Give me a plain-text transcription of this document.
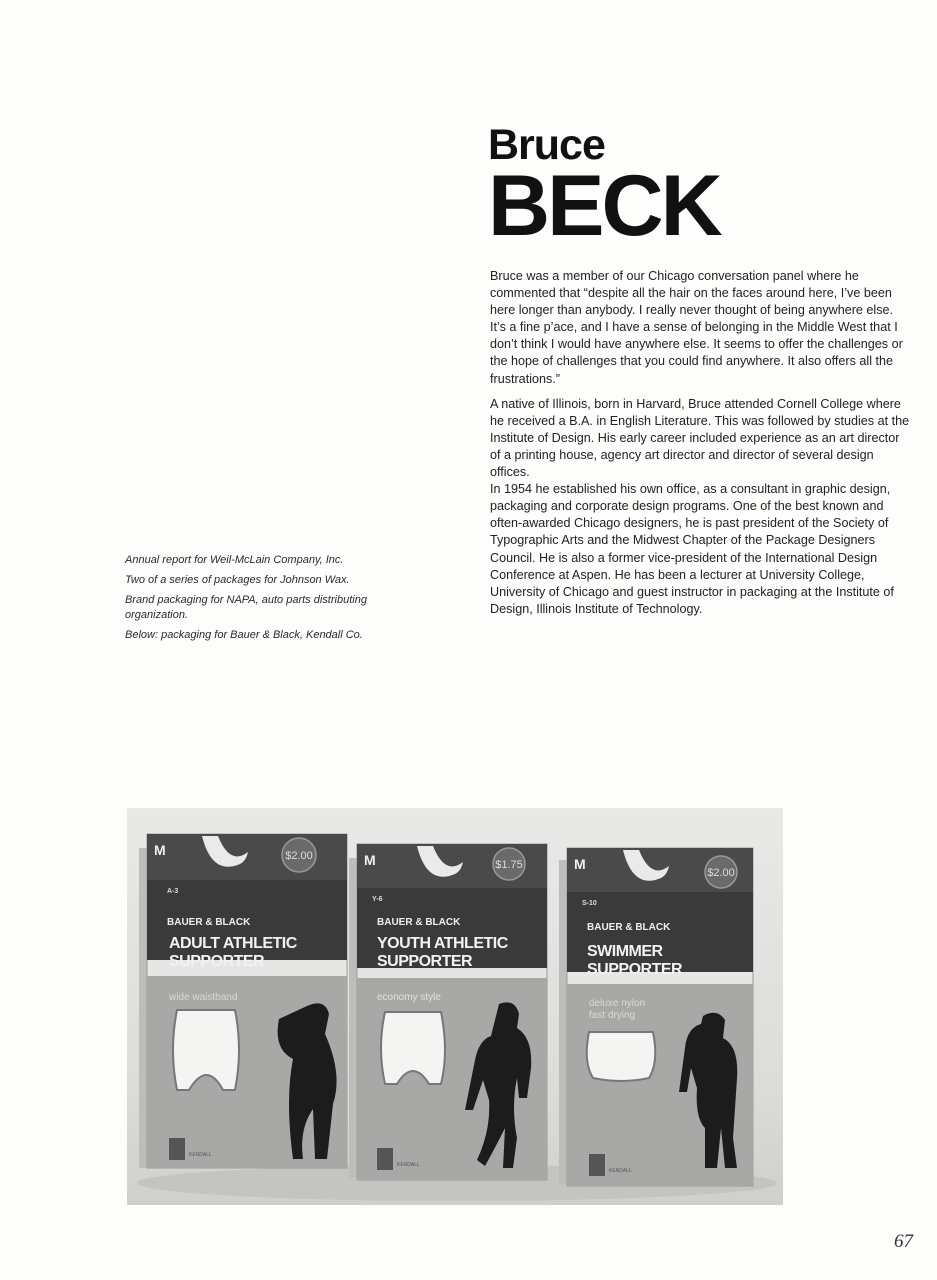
Bruce
BECK

Bruce was a member of our Chicago conversation panel where he commented that “despite all the hair on the faces around here, I’ve been here longer than anybody. I really never thought of being anywhere else. It’s a fine p’ace, and I have a sense of belonging in the Middle West that I don’t think I would have anywhere else. It seems to offer the challenges or the hope of challenges that you could find anywhere. It also offers all the frustrations.”

A native of Illinois, born in Harvard, Bruce attended Cornell College where he received a B.A. in English Literature. This was followed by studies at the Institute of Design. His early career included experience as an art director of a printing house, agency art director and director of several design offices.

In 1954 he established his own office, as a consultant in graphic design, packaging and corporate design programs. One of the best known and often-awarded Chicago designers, he is past president of the Society of Typographic Arts and the Midwest Chapter of the Package Designers Council. He is also a former vice-president of the International Design Conference at Aspen. He has been a lecturer at University College, University of Chicago and guest instructor in packaging at the Institute of Design, Illinois Institute of Technology.

Annual report for Weil-McLain Company, Inc.

Two of a series of packages for Johnson Wax.

Brand packaging for NAPA, auto parts distributing organization.

Below: packaging for Bauer & Black, Kendall Co.

$2.00
M
A-3
BAUER & BLACK
ADULT ATHLETIC
SUPPORTER
wide waistband
KENDALL
$1.75
M
Y-6
BAUER & BLACK
YOUTH ATHLETIC
SUPPORTER
economy style
KENDALL
$2.00
M
S-10
BAUER & BLACK
SWIMMER
SUPPORTER
deluxe nylon
fast drying
KENDALL
67
